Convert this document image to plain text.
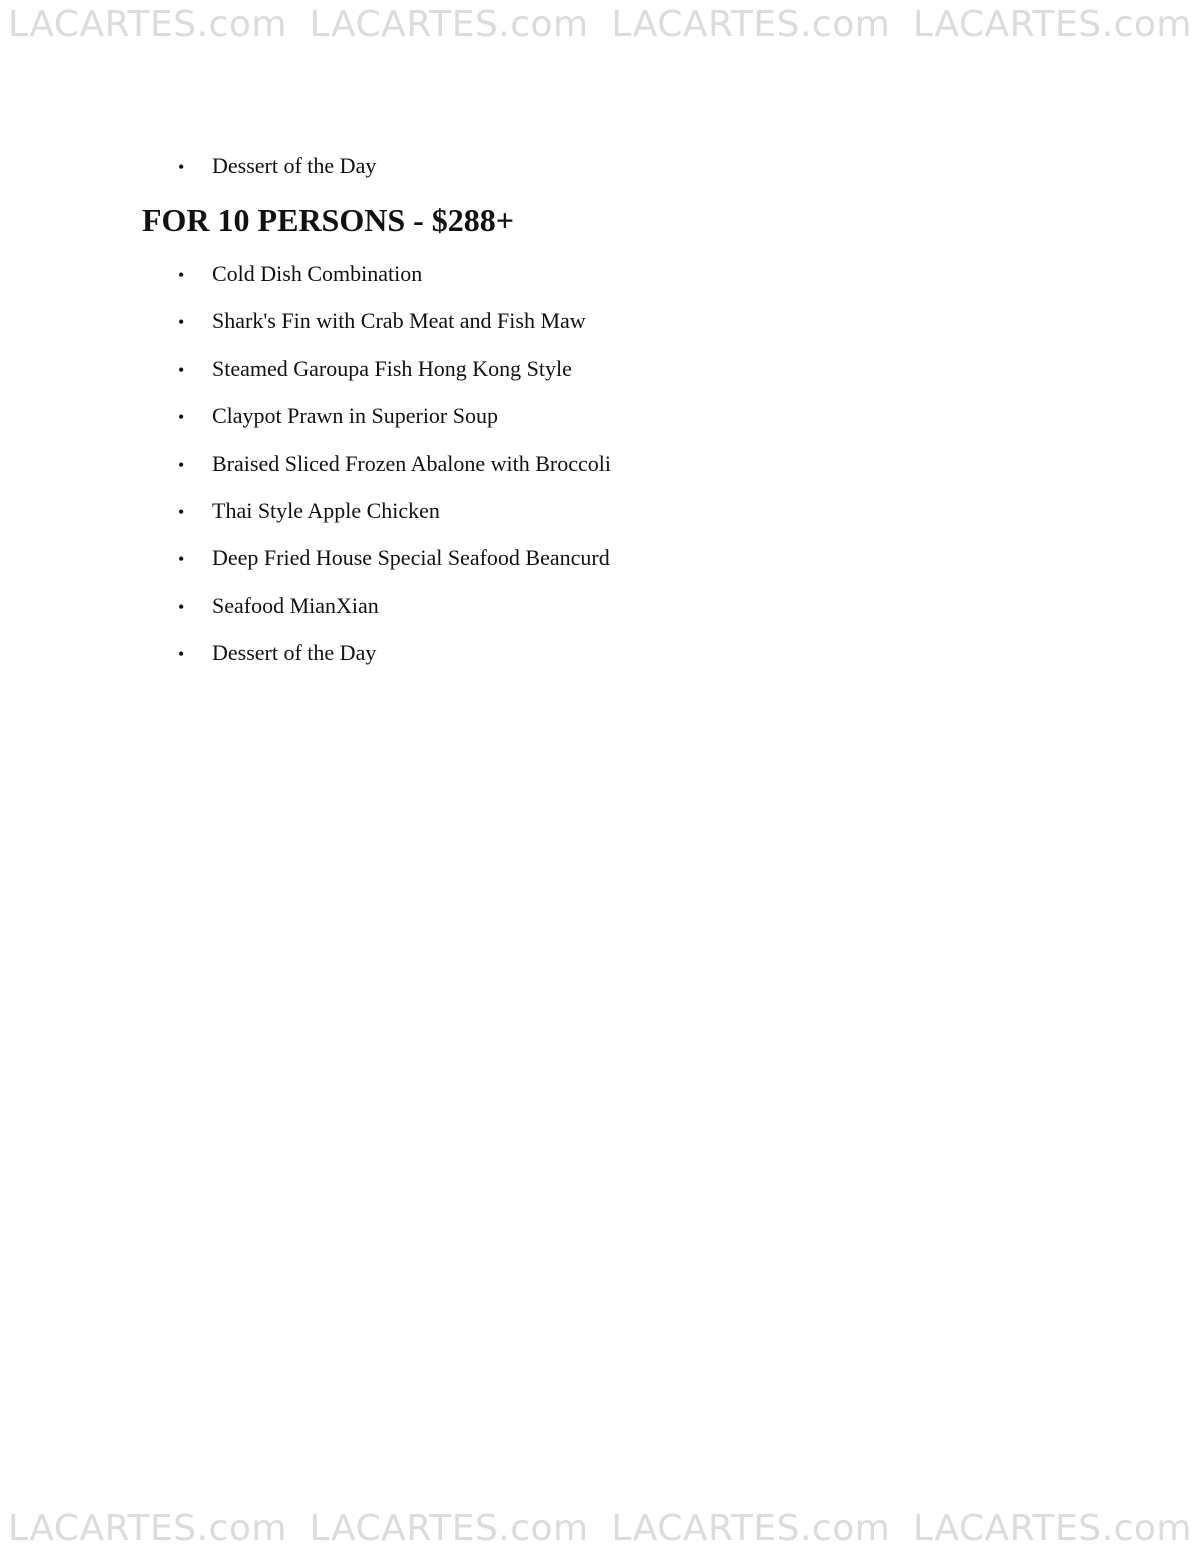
LACARTES.com LACARTES.com LACARTES.com LACARTES.com
• Dessert of the Day
FOR 10 PERSONS - $288+
• Cold Dish Combination
• Shark's Fin with Crab Meat and Fish Maw
• Steamed Garoupa Fish Hong Kong Style
• Claypot Prawn in Superior Soup
• Braised Sliced Frozen Abalone with Broccoli
• Thai Style Apple Chicken
• Deep Fried House Special Seafood Beancurd
• Seafood MianXian
• Dessert of the Day
LACARTES.com LACARTES.com LACARTES.com LACARTES.com
